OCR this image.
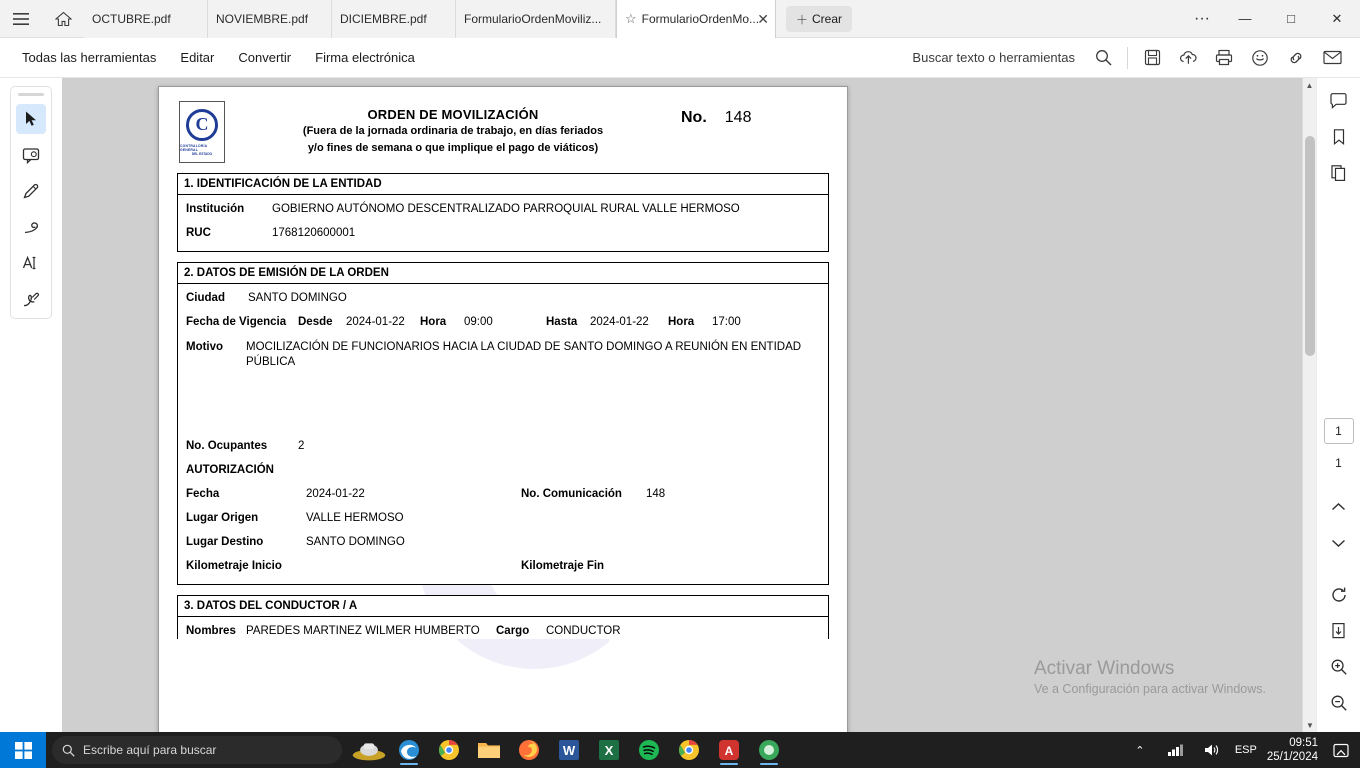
OCTUBRE.pdf	NOVIEMBRE.pdf	DICIEMBRE.pdf	FormularioOrdenMoviliz... ☆ FormularioOrdenMo...
✕ ＋ Crear	···	—	□	✕
Todas las herramientas	Editar	Convertir	Firma electrónica	Buscar texto o herramientas
C
CONTRALORÍA GENERAL
DEL ESTADO
ORDEN DE MOVILIZACIÓN
(Fuera de la jornada ordinaria de trabajo, en días feriados
y/o fines de semana o que implique el pago de viáticos)
No. 148
1. IDENTIFICACIÓN DE LA ENTIDAD
Institución	GOBIERNO AUTÓNOMO DESCENTRALIZADO PARROQUIAL RURAL VALLE HERMOSO
RUC	1768120600001
2. DATOS DE EMISIÓN DE LA ORDEN
Ciudad	SANTO DOMINGO
Fecha de Vigencia	Desde	2024-01-22	Hora	09:00	Hasta	2024-01-22	Hora	17:00
Motivo	MOCILIZACIÓN DE FUNCIONARIOS HACIA LA CIUDAD DE SANTO DOMINGO A REUNIÓN EN ENTIDAD PÚBLICA
No. Ocupantes	2
AUTORIZACIÓN
Fecha	2024-01-22	No. Comunicación	148
Lugar Origen	VALLE HERMOSO
Lugar Destino	SANTO DOMINGO
Kilometraje Inicio	Kilometraje Fin
3. DATOS DEL CONDUCTOR / A
Nombres PAREDES MARTINEZ WILMER HUMBERTO	Cargo	CONDUCTOR
Activar Windows
Ve a Configuración para activar Windows.
▲
▼
1
1
Escribe aquí para buscar	W X	A	⌃	ESP
09:51
25/1/2024
